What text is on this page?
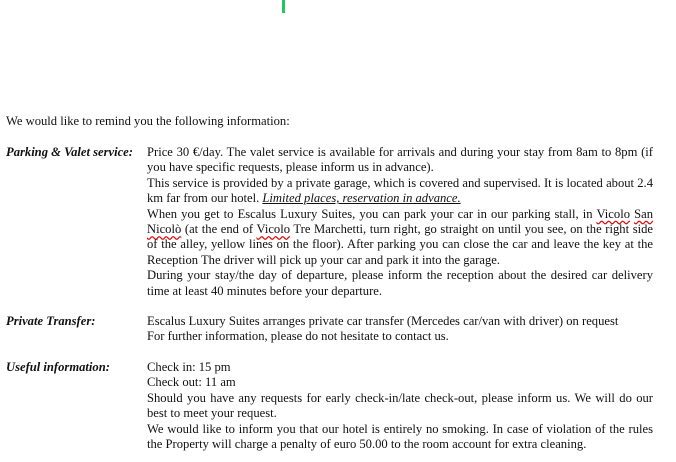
We would like to remind you the following information:
Parking & Valet service: Price 30 €/day. The valet service is available for arrivals and during your stay from 8am to 8pm (if you have specific requests, please inform us in advance).

This service is provided by a private garage, which is covered and supervised. It is located about 2.4 km far from our hotel. Limited places, reservation in advance.

When you get to Escalus Luxury Suites, you can park your car in our parking stall, in Vicolo San Nicolò (at the end of Vicolo Tre Marchetti, turn right, go straight on until you see, on the right side of the alley, yellow lines on the floor). After parking you can close the car and leave the key at the Reception The driver will pick up your car and park it into the garage.

During your stay/the day of departure, please inform the reception about the desired car delivery time at least 40 minutes before your departure.

Private Transfer:	Escalus Luxury Suites arranges private car transfer (Mercedes car/van with driver) on request

For further information, please do not hesitate to contact us.

Useful information:	Check in: 15 pm

Check out: 11 am

Should you have any requests for early check-in/late check-out, please inform us. We will do our best to meet your request.

We would like to inform you that our hotel is entirely no smoking. In case of violation of the rules the Property will charge a penalty of euro 50.00 to the room account for extra cleaning.
